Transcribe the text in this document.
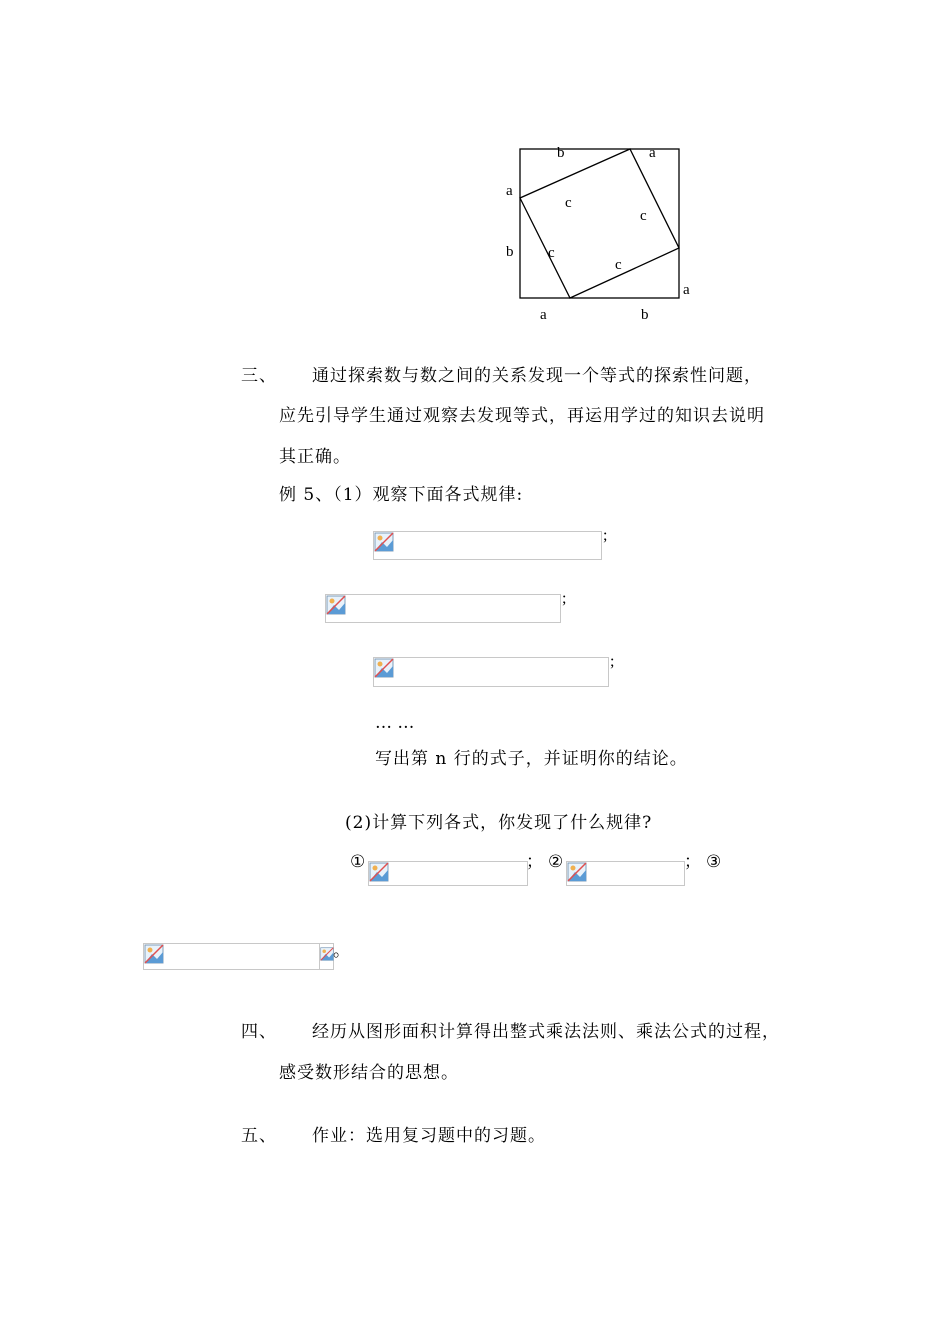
b	a
a
b
a
a	b
c
c
c
c
三、 通过探索数与数之间的关系发现一个等式的探索性问题，
应先引导学生通过观察去发现等式，再运用学过的知识去说明
其正确。
例 5、（1）观察下面各式规律:
;
;
;
… …
写出第 n 行的式子，并证明你的结论。
(2)计算下列各式，你发现了什么规律?
①	； ②	； ③
。
四、 经历从图形面积计算得出整式乘法法则、乘法公式的过程，
感受数形结合的思想。
五、 作业：选用复习题中的习题。
